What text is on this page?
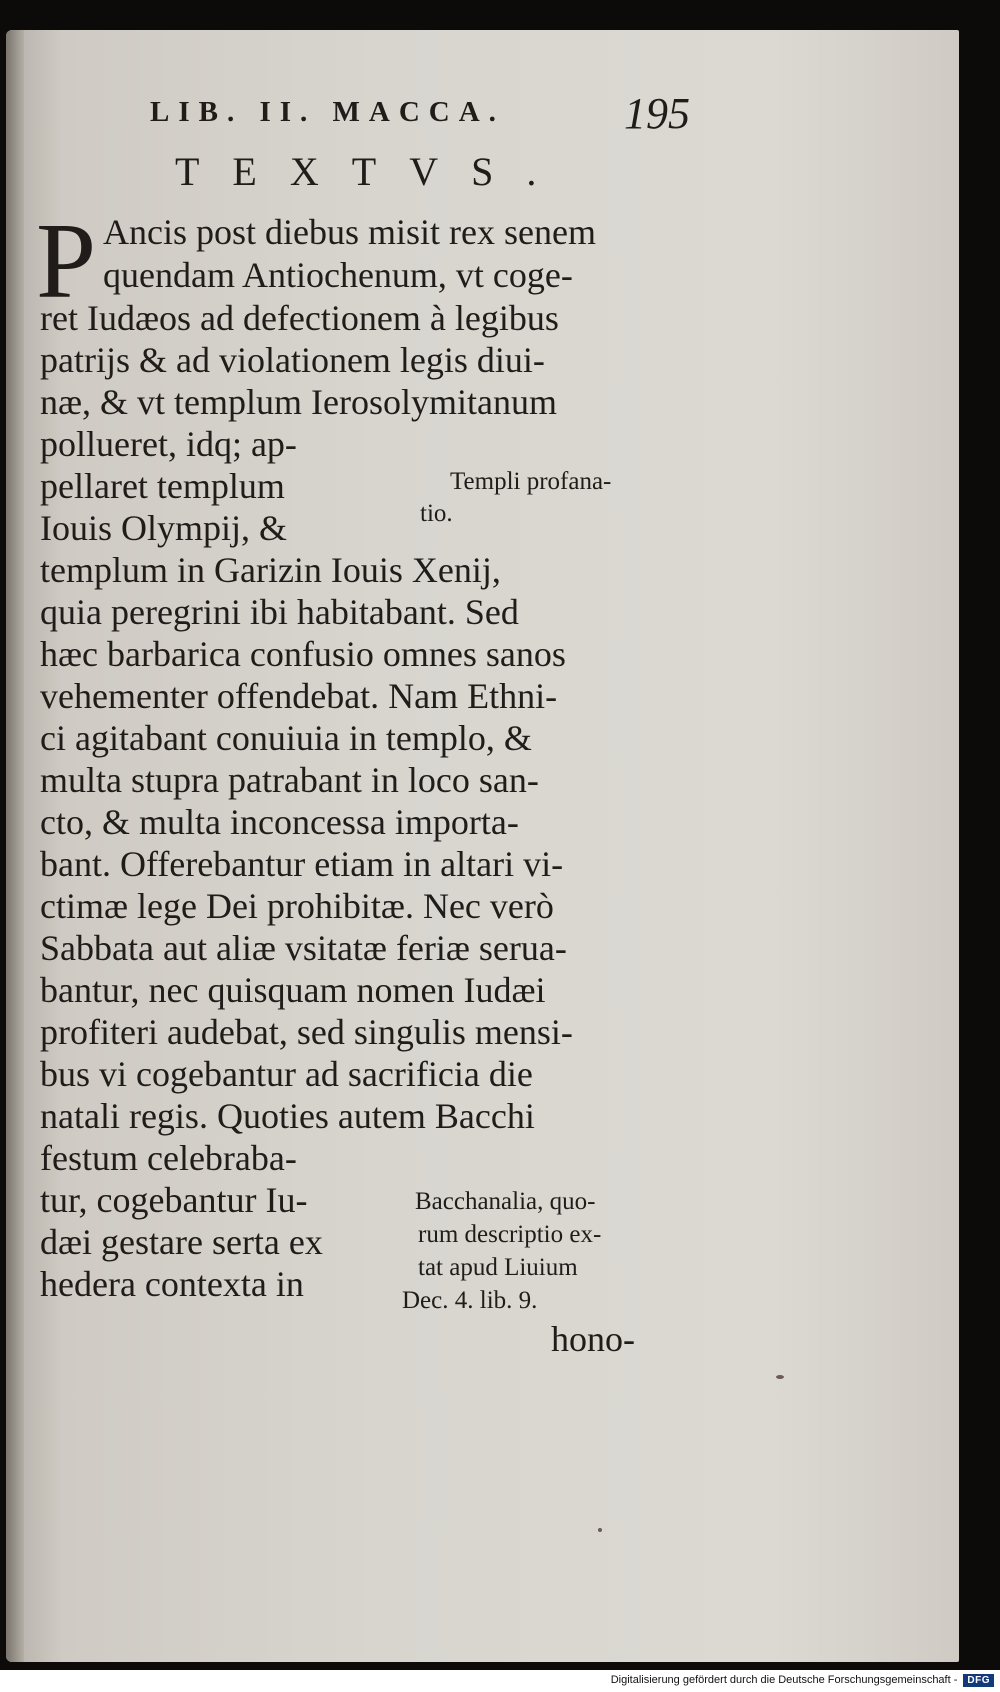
LIB. II. MACCA.	195
TEXTVS.
P Ancis post diebus misit rex senem
quendam Antiochenum, vt coge-
ret Iudæos ad defectionem à legibus
patrijs & ad violationem legis diui-
næ, & vt templum Ierosolymitanum
pollueret, idq; ap-
pellaret templum
Iouis Olympij, &
templum in Garizin Iouis Xenij,
quia peregrini ibi habitabant. Sed
hæc barbarica confusio omnes sanos
vehementer offendebat. Nam Ethni-
ci agitabant conuiuia in templo, &
multa stupra patrabant in loco san-
cto, & multa inconcessa importa-
bant. Offerebantur etiam in altari vi-
ctimæ lege Dei prohibitæ. Nec verò
Sabbata aut aliæ vsitatæ feriæ serua-
bantur, nec quisquam nomen Iudæi
profiteri audebat, sed singulis mensi-
bus vi cogebantur ad sacrificia die
natali regis. Quoties autem Bacchi
festum celebraba-
tur, cogebantur Iu-
dæi gestare serta ex
hedera contexta in
Templi profana-
tio.
Bacchanalia, quo-
rum descriptio ex-
tat apud Liuium
Dec. 4. lib. 9.
hono-
Digitalisierung gefördert durch die Deutsche Forschungsgemeinschaft -	DFG
